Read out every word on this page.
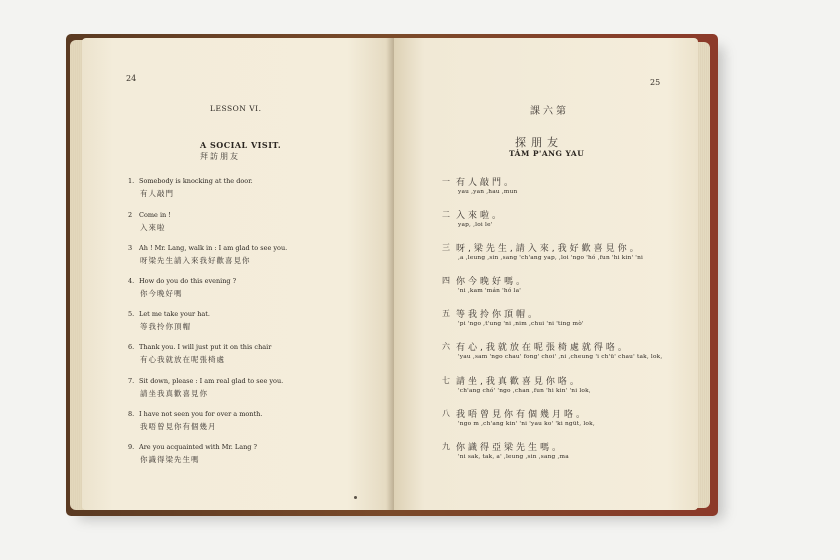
24
LESSON VI.
A SOCIAL VISIT.
拜訪朋友
1. Somebody is knocking at the door.
有人敲門
2 Come in !
入來啦
3 Ah ! Mr. Lang, walk in : I am glad to see you.
呀梁先生請入來我好歡喜見你
4. How do you do this evening ?
你今晚好嗎
5. Let me take your hat.
等我拎你頂帽
6. Thank you. I will just put it on this chair
有心我就放在呢張椅處
7. Sit down, please : I am real glad to see you.
請坐我真歡喜見你
8. I have not seen you for over a month.
我唔曾見你有個幾月
9. Are you acquainted with Mr. Lang ?
你識得梁先生嗎
25
課六第
探朋友
TÁM P'ANG YAU
一 有人敲門。
yau ,yan ,hau ,mun
二 入來啦。
yap, ,loi le'
三 呀,梁先生,請入來,我好歡喜見你。
,a ,leung ,sin ,sang 'ch'ang yap, ,loi 'ngo 'hó ,fun 'hi kin' 'ni
四 你今晚好嗎。
'ni ,kam 'mán 'hó la'
五 等我拎你頂帽。
'pi 'ngo ,t'ung 'ni ,nim ,chui 'ni 'ting mò'
六 有心,我就放在呢張椅處就得咯。
'yau ,sam 'ngo chau' fong' choi' ,ni ,cheung 'i ch'ü' chau' tak, lok,
七 請坐,我真歡喜見你咯。
'ch'ang chó' 'ngo ,chan ,fun 'hi kin' 'ni lok,
八 我唔曾見你有個幾月咯。
'ngo m ,ch'ang kin' 'ni 'yau ko' 'ki ngüt, lok,
九 你識得亞梁先生嗎。
'ni sak, tak, a' ,leung ,sin ,sang ,ma
